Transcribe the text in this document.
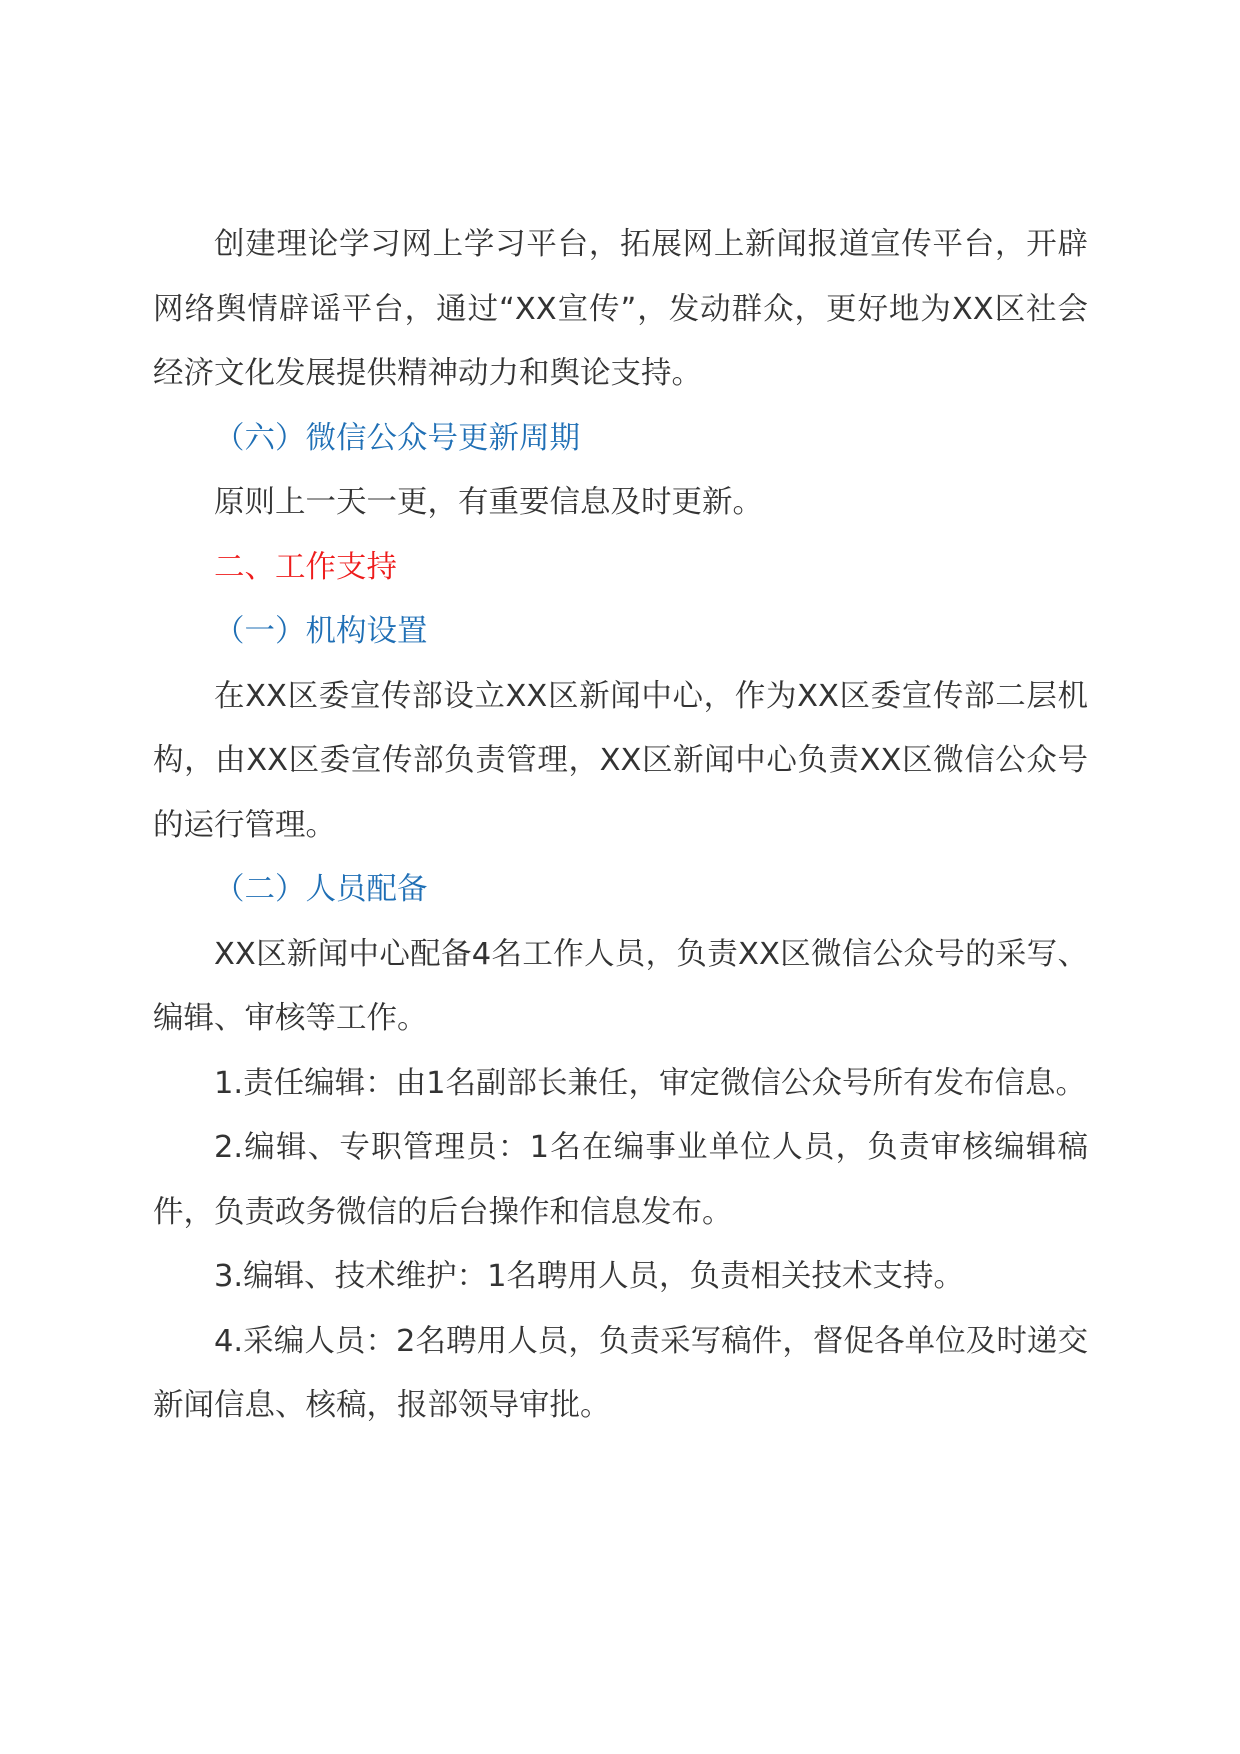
创建理论学习网上学习平台，拓展网上新闻报道宣传平台，开辟网络舆情辟谣平台，通过“XX宣传”，发动群众，更好地为XX区社会经济文化发展提供精神动力和舆论支持。

（六）微信公众号更新周期

原则上一天一更，有重要信息及时更新。

二、工作支持

（一）机构设置

在XX区委宣传部设立XX区新闻中心，作为XX区委宣传部二层机构，由XX区委宣传部负责管理，XX区新闻中心负责XX区微信公众号的运行管理。

（二）人员配备

XX区新闻中心配备4名工作人员，负责XX区微信公众号的采写、编辑、审核等工作。

1.责任编辑：由1名副部长兼任，审定微信公众号所有发布信息。

2.编辑、专职管理员：1名在编事业单位人员，负责审核编辑稿件，负责政务微信的后台操作和信息发布。

3.编辑、技术维护：1名聘用人员，负责相关技术支持。

4.采编人员：2名聘用人员，负责采写稿件，督促各单位及时递交新闻信息、核稿，报部领导审批。
